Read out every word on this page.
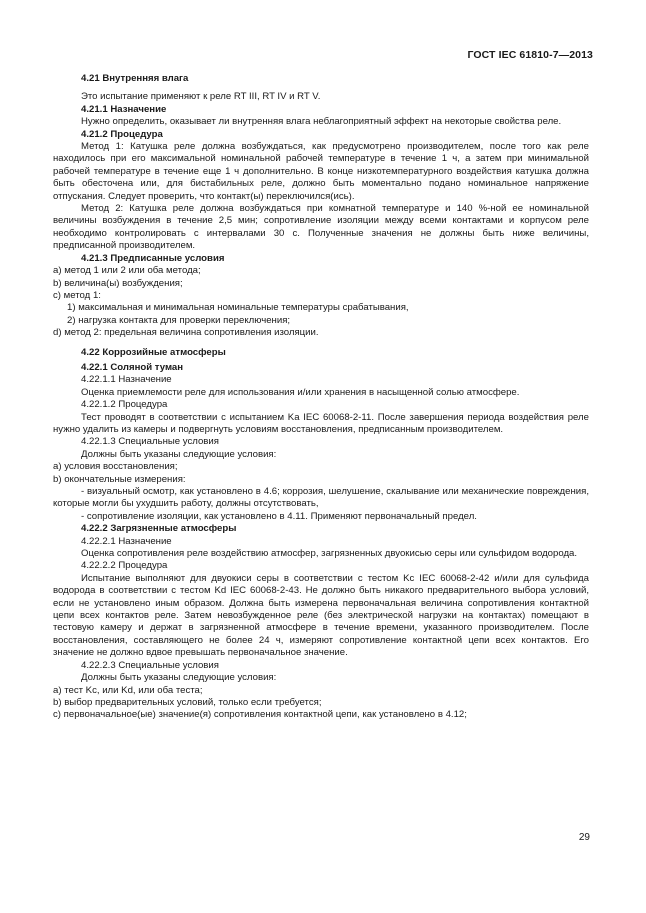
ГОСТ IEC 61810-7—2013

4.21 Внутренняя влага

Это испытание применяют к реле RT III, RT IV и RT V.

4.21.1 Назначение

Нужно определить, оказывает ли внутренняя влага неблагоприятный эффект на некоторые свойства реле.

4.21.2 Процедура

Метод 1: Катушка реле должна возбуждаться, как предусмотрено производителем, после того как реле находилось при его максимальной номинальной рабочей температуре в течение 1 ч, а затем при минимальной рабочей температуре в течение еще 1 ч дополнительно. В конце низкотемпературного воздействия катушка должна быть обесточена или, для бистабильных реле, должно быть моментально подано номинальное напряжение отпускания. Следует проверить, что контакт(ы) переключился(ись).

Метод 2: Катушка реле должна возбуждаться при комнатной температуре и 140 %-ной ее номинальной величины возбуждения в течение 2,5 мин; сопротивление изоляции между всеми контактами и корпусом реле необходимо контролировать с интервалами 30 с. Полученные значения не должны быть ниже величины, предписанной производителем.

4.21.3 Предписанные условия

a) метод 1 или 2 или оба метода;

b) величина(ы) возбуждения;

c) метод 1:

1) максимальная и минимальная номинальные температуры срабатывания,

2) нагрузка контакта для проверки переключения;

d) метод 2: предельная величина сопротивления изоляции.

4.22 Коррозийные атмосферы

4.22.1 Соляной туман

4.22.1.1 Назначение

Оценка приемлемости реле для использования и/или хранения в насыщенной солью атмосфере.

4.22.1.2 Процедура

Тест проводят в соответствии с испытанием Ka IEC 60068-2-11. После завершения периода воздействия реле нужно удалить из камеры и подвергнуть условиям восстановления, предписанным производителем.

4.22.1.3 Специальные условия

Должны быть указаны следующие условия:

a) условия восстановления;

b) окончательные измерения:

- визуальный осмотр, как установлено в 4.6; коррозия, шелушение, скалывание или механические повреждения, которые могли бы ухудшить работу, должны отсутствовать,

- сопротивление изоляции, как установлено в 4.11. Применяют первоначальный предел.

4.22.2 Загрязненные атмосферы

4.22.2.1 Назначение

Оценка сопротивления реле воздействию атмосфер, загрязненных двуокисью серы или сульфидом водорода.

4.22.2.2 Процедура

Испытание выполняют для двуокиси серы в соответствии с тестом Kc IEC 60068-2-42 и/или для сульфида водорода в соответствии с тестом Kd IEC 60068-2-43. Не должно быть никакого предварительного выбора условий, если не установлено иным образом. Должна быть измерена первоначальная величина сопротивления контактной цепи всех контактов реле. Затем невозбужденное реле (без электрической нагрузки на контактах) помещают в тестовую камеру и держат в загрязненной атмосфере в течение времени, указанного производителем. После восстановления, составляющего не более 24 ч, измеряют сопротивление контактной цепи всех контактов. Его значение не должно вдвое превышать первоначальное значение.

4.22.2.3 Специальные условия

Должны быть указаны следующие условия:

a) тест Kc, или Kd, или оба теста;

b) выбор предварительных условий, только если требуется;

c) первоначальное(ые) значение(я) сопротивления контактной цепи, как установлено в 4.12;

29
